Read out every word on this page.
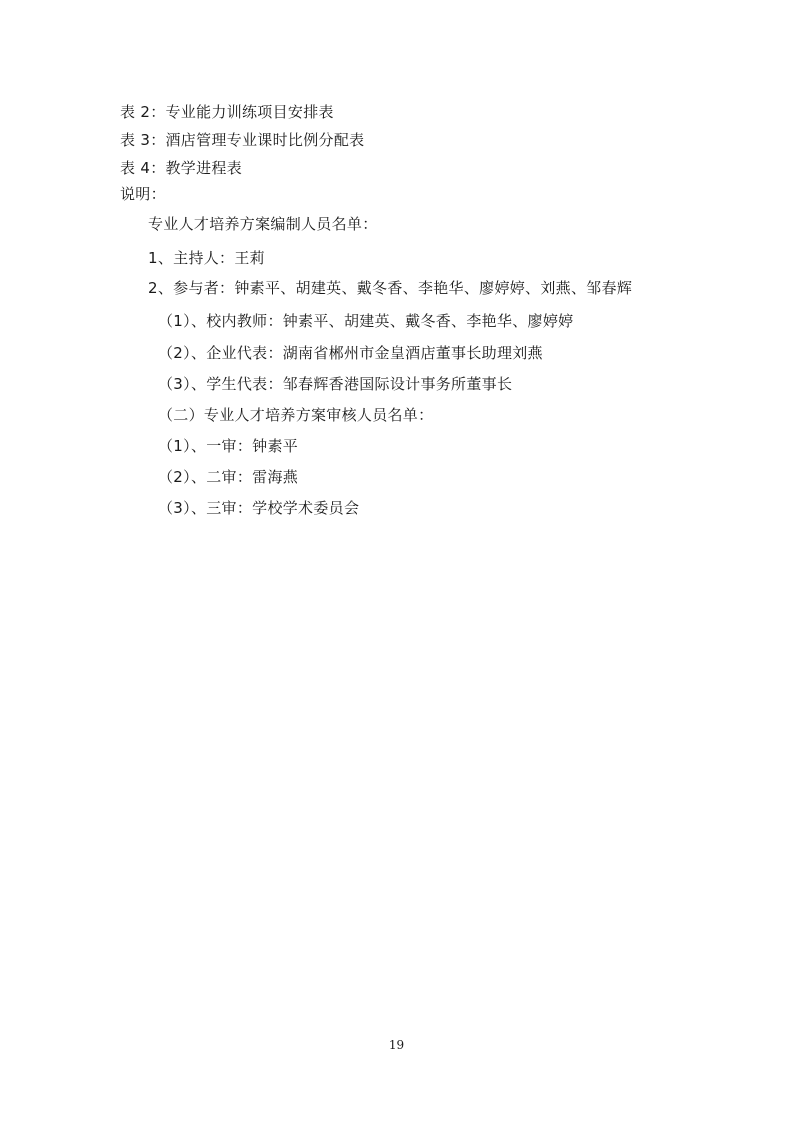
表 2：专业能力训练项目安排表
表 3：酒店管理专业课时比例分配表
表 4：教学进程表
说明：
专业人才培养方案编制人员名单：
1、主持人：王莉
2、参与者：钟素平、胡建英、戴冬香、李艳华、廖婷婷、刘燕、邹春辉
（1）、校内教师：钟素平、胡建英、戴冬香、李艳华、廖婷婷
（2）、企业代表：湖南省郴州市金皇酒店董事长助理刘燕
（3）、学生代表：邹春辉香港国际设计事务所董事长
（二）专业人才培养方案审核人员名单：
（1）、一审：钟素平
（2）、二审：雷海燕
（3）、三审：学校学术委员会
19
